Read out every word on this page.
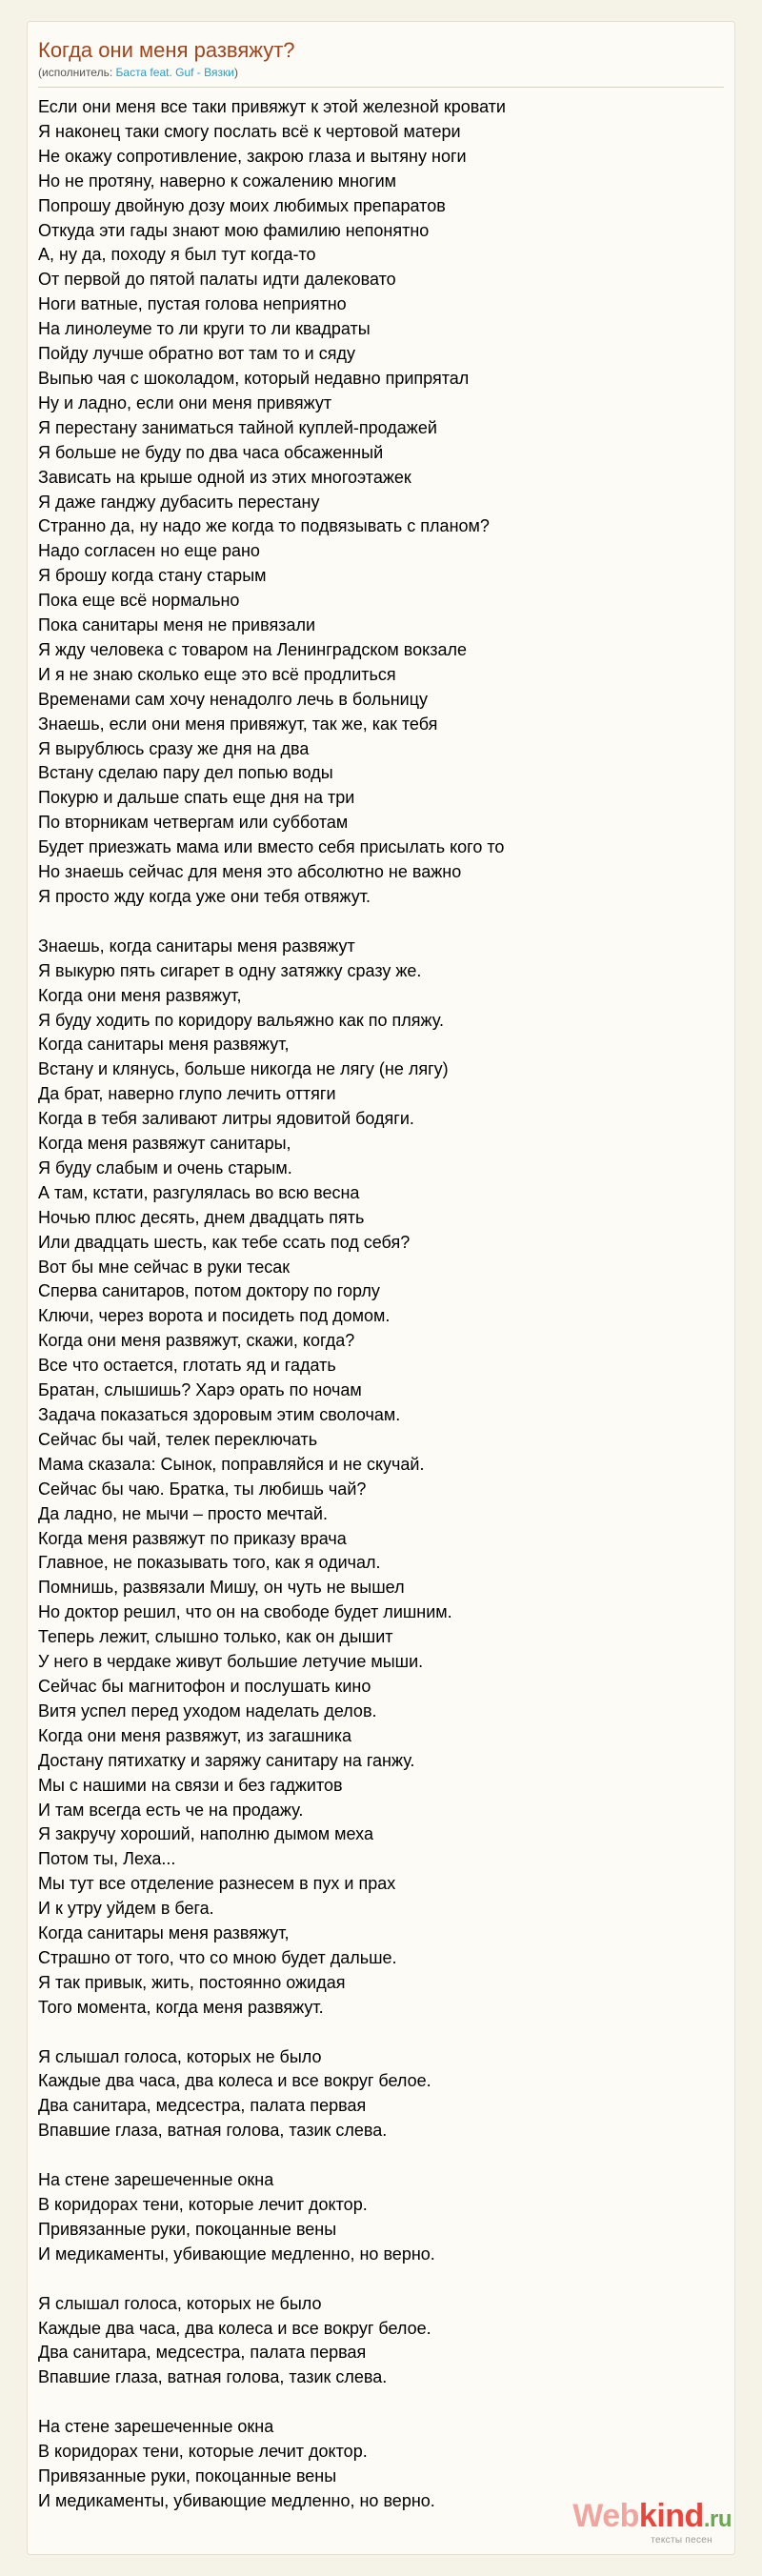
Когда они меня развяжут?
(исполнитель: Баста feat. Guf - Вязки)
Если они меня все таки привяжут к этой железной кровати
Я наконец таки смогу послать всё к чертовой матери
Не окажу сопротивление, закрою глаза и вытяну ноги
Но не протяну, наверно к сожалению многим
Попрошу двойную дозу моих любимых препаратов
Откуда эти гады знают мою фамилию непонятно
А, ну да, походу я был тут когда-то
От первой до пятой палаты идти далековато
Ноги ватные, пустая голова неприятно
На линолеуме то ли круги то ли квадраты
Пойду лучше обратно вот там то и сяду
Выпью чая с шоколадом, который недавно припрятал
Ну и ладно, если они меня привяжут
Я перестану заниматься тайной куплей-продажей
Я больше не буду по два часа обсаженный
Зависать на крыше одной из этих многоэтажек
Я даже ганджу дубасить перестану
Странно да, ну надо же когда то подвязывать с планом?
Надо согласен но еще рано
Я брошу когда стану старым
Пока еще всё нормально
Пока санитары меня не привязали
Я жду человека с товаром на Ленинградском вокзале
И я не знаю сколько еще это всё продлиться
Временами сам хочу ненадолго лечь в больницу
Знаешь, если они меня привяжут, так же, как тебя
Я вырублюсь сразу же дня на два
Встану сделаю пару дел попью воды
Покурю и дальше спать еще дня на три
По вторникам четвергам или субботам
Будет приезжать мама или вместо себя присылать кого то
Но знаешь сейчас для меня это абсолютно не важно
Я просто жду когда уже они тебя отвяжут.
Знаешь, когда санитары меня развяжут
Я выкурю пять сигарет в одну затяжку сразу же.
Когда они меня развяжут,
Я буду ходить по коридору вальяжно как по пляжу.
Когда санитары меня развяжут,
Встану и клянусь, больше никогда не лягу (не лягу)
Да брат, наверно глупо лечить оттяги
Когда в тебя заливают литры ядовитой бодяги.
Когда меня развяжут санитары,
Я буду слабым и очень старым.
А там, кстати, разгулялась во всю весна
Ночью плюс десять, днем двадцать пять
Или двадцать шесть, как тебе ссать под себя?
Вот бы мне сейчас в руки тесак
Сперва санитаров, потом доктору по горлу
Ключи, через ворота и посидеть под домом.
Когда они меня развяжут, скажи, когда?
Все что остается, глотать яд и гадать
Братан, слышишь? Харэ орать по ночам
Задача показаться здоровым этим сволочам.
Сейчас бы чай, телек переключать
Мама сказала: Сынок, поправляйся и не скучай.
Сейчас бы чаю. Братка, ты любишь чай?
Да ладно, не мычи – просто мечтай.
Когда меня развяжут по приказу врача
Главное, не показывать того, как я одичал.
Помнишь, развязали Мишу, он чуть не вышел
Но доктор решил, что он на свободе будет лишним.
Теперь лежит, слышно только, как он дышит
У него в чердаке живут большие летучие мыши.
Сейчас бы магнитофон и послушать кино
Витя успел перед уходом наделать делов.
Когда они меня развяжут, из загашника
Достану пятихатку и заряжу санитару на ганжу.
Мы с нашими на связи и без гаджитов
И там всегда есть че на продажу.
Я закручу хороший, наполню дымом меха
Потом ты, Леха...
Мы тут все отделение разнесем в пух и прах
И к утру уйдем в бега.
Когда санитары меня развяжут,
Страшно от того, что со мною будет дальше.
Я так привык, жить, постоянно ожидая
Того момента, когда меня развяжут.
Я слышал голоса, которых не было
Каждые два часа, два колеса и все вокруг белое.
Два санитара, медсестра, палата первая
Впавшие глаза, ватная голова, тазик слева.
На стене зарешеченные окна
В коридорах тени, которые лечит доктор.
Привязанные руки, покоцанные вены
И медикаменты, убивающие медленно, но верно.
Я слышал голоса, которых не было
Каждые два часа, два колеса и все вокруг белое.
Два санитара, медсестра, палата первая
Впавшие глаза, ватная голова, тазик слева.
На стене зарешеченные окна
В коридорах тени, которые лечит доктор.
Привязанные руки, покоцанные вены
И медикаменты, убивающие медленно, но верно.	Webkind.ru
тексты песен
